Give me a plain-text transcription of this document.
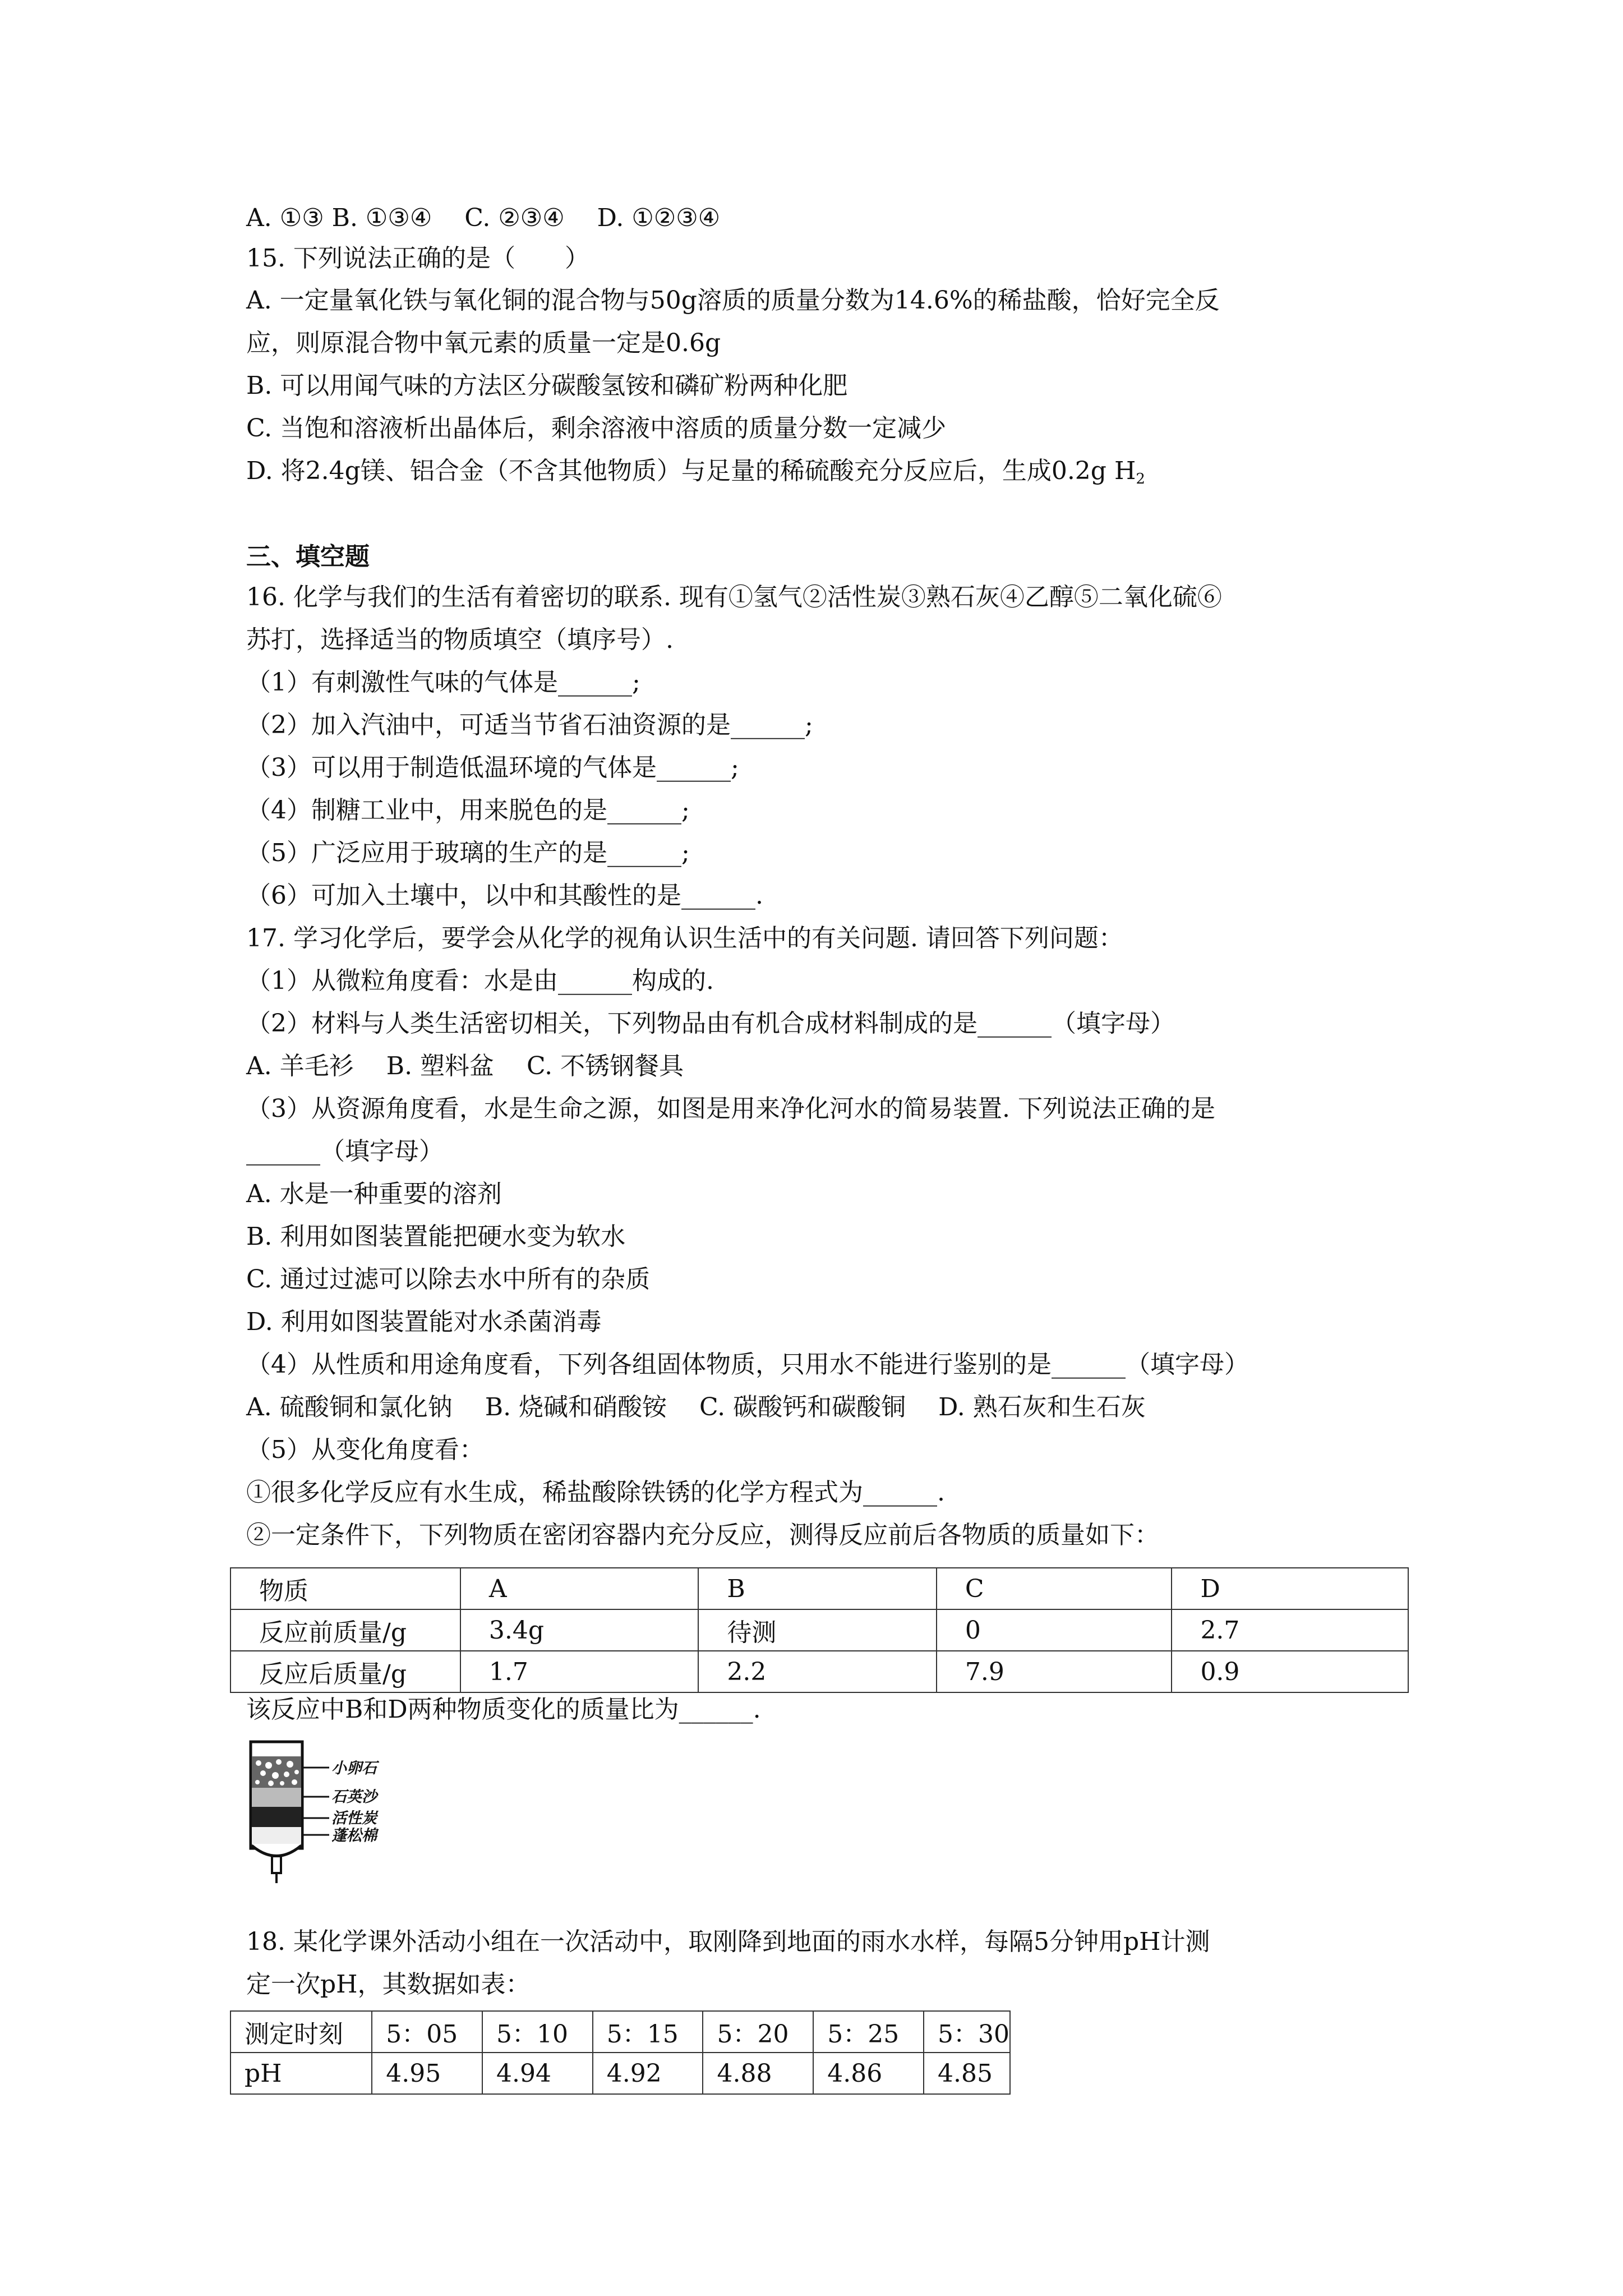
A. ①③ B. ①③④　 C. ②③④　 D. ①②③④
15. 下列说法正确的是（　　）
A. 一定量氧化铁与氧化铜的混合物与50g溶质的质量分数为14.6%的稀盐酸，恰好完全反
应，则原混合物中氧元素的质量一定是0.6g
B. 可以用闻气味的方法区分碳酸氢铵和磷矿粉两种化肥
C. 当饱和溶液析出晶体后，剩余溶液中溶质的质量分数一定减少
D. 将2.4g镁、铝合金（不含其他物质）与足量的稀硫酸充分反应后，生成0.2g $H_2$
三、填空题
16. 化学与我们的生活有着密切的联系. 现有①氢气②活性炭③熟石灰④乙醇⑤二氧化硫⑥
苏打，选择适当的物质填空（填序号）.
（1）有刺激性气味的气体是______;
（2）加入汽油中，可适当节省石油资源的是______;
（3）可以用于制造低温环境的气体是______;
（4）制糖工业中，用来脱色的是______;
（5）广泛应用于玻璃的生产的是______;
（6）可加入土壤中，以中和其酸性的是______.
17. 学习化学后，要学会从化学的视角认识生活中的有关问题. 请回答下列问题：
（1）从微粒角度看：水是由______构成的.
（2）材料与人类生活密切相关，下列物品由有机合成材料制成的是______（填字母）
A. 羊毛衫　 B. 塑料盆　 C. 不锈钢餐具
（3）从资源角度看，水是生命之源，如图是用来净化河水的简易装置. 下列说法正确的是
______（填字母）
A. 水是一种重要的溶剂
B. 利用如图装置能把硬水变为软水
C. 通过过滤可以除去水中所有的杂质
D. 利用如图装置能对水杀菌消毒
（4）从性质和用途角度看，下列各组固体物质，只用水不能进行鉴别的是______（填字母）
A. 硫酸铜和氯化钠　 B. 烧碱和硝酸铵　 C. 碳酸钙和碳酸铜　 D. 熟石灰和生石灰
（5）从变化角度看：
①很多化学反应有水生成，稀盐酸除铁锈的化学方程式为______.
②一定条件下，下列物质在密闭容器内充分反应，测得反应前后各物质的质量如下：
物质	A	B	C	D
反应前质量/g	3.4g	待测	0	2.7
反应后质量/g	1.7	2.2	7.9	0.9
该反应中B和D两种物质变化的质量比为______.
小卵石
石英沙
活性炭
蓬松棉
18. 某化学课外活动小组在一次活动中，取刚降到地面的雨水水样，每隔5分钟用pH计测
定一次pH，其数据如表：
测定时刻	5：05	5：10	5：15	5：20	5：25	5：30
pH	4.95	4.94	4.92	4.88	4.86	4.85
